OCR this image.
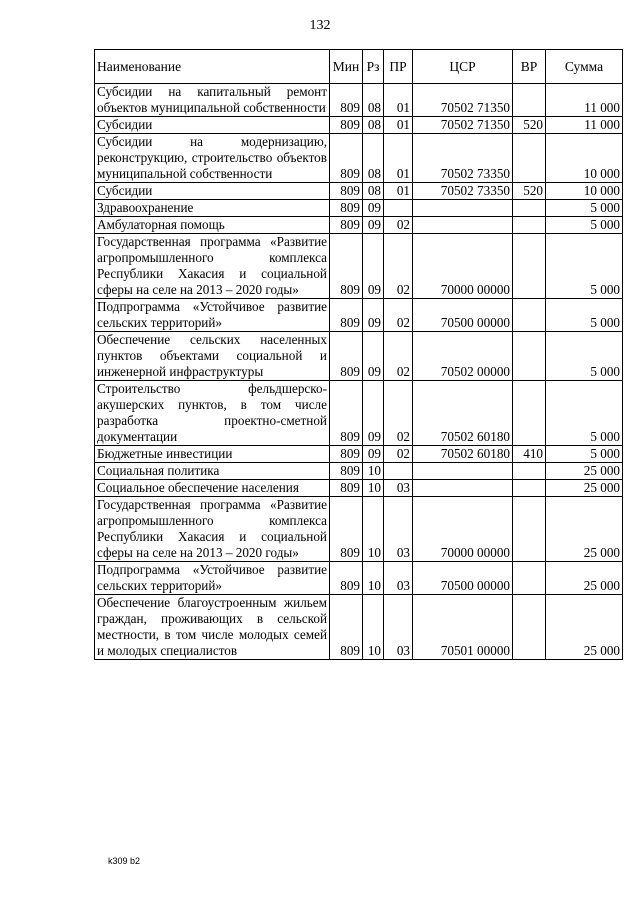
132
Наименование	Мин	Рз	ПР	ЦСР	ВР	Сумма
Субсидии на капитальный ремонт объектов муниципальной собственности	809	08	01	70502 71350		11 000
Субсидии	809	08	01	70502 71350	520	11 000
Субсидии на модернизацию, реконструкцию, строительство объектов муниципальной собственности	809	08	01	70502 73350		10 000
Субсидии	809	08	01	70502 73350	520	10 000
Здравоохранение	809	09				5 000
Амбулаторная помощь	809	09	02			5 000
Государственная программа «Развитие агропромышленного комплекса Республики Хакасия и социальной сферы на селе на 2013 – 2020 годы»	809	09	02	70000 00000		5 000
Подпрограмма «Устойчивое развитие сельских территорий»	809	09	02	70500 00000		5 000
Обеспечение сельских населенных пунктов объектами социальной и инженерной инфраструктуры	809	09	02	70502 00000		5 000
Строительство фельдшерско-акушерских пунктов, в том числе разработка проектно-сметной документации	809	09	02	70502 60180		5 000
Бюджетные инвестиции	809	09	02	70502 60180	410	5 000
Социальная политика	809	10				25 000
Социальное обеспечение населения	809	10	03			25 000
Государственная программа «Развитие агропромышленного комплекса Республики Хакасия и социальной сферы на селе на 2013 – 2020 годы»	809	10	03	70000 00000		25 000
Подпрограмма «Устойчивое развитие сельских территорий»	809	10	03	70500 00000		25 000
Обеспечение благоустроенным жильем граждан, проживающих в сельской местности, в том числе молодых семей и молодых специалистов	809	10	03	70501 00000		25 000
k309 b2
